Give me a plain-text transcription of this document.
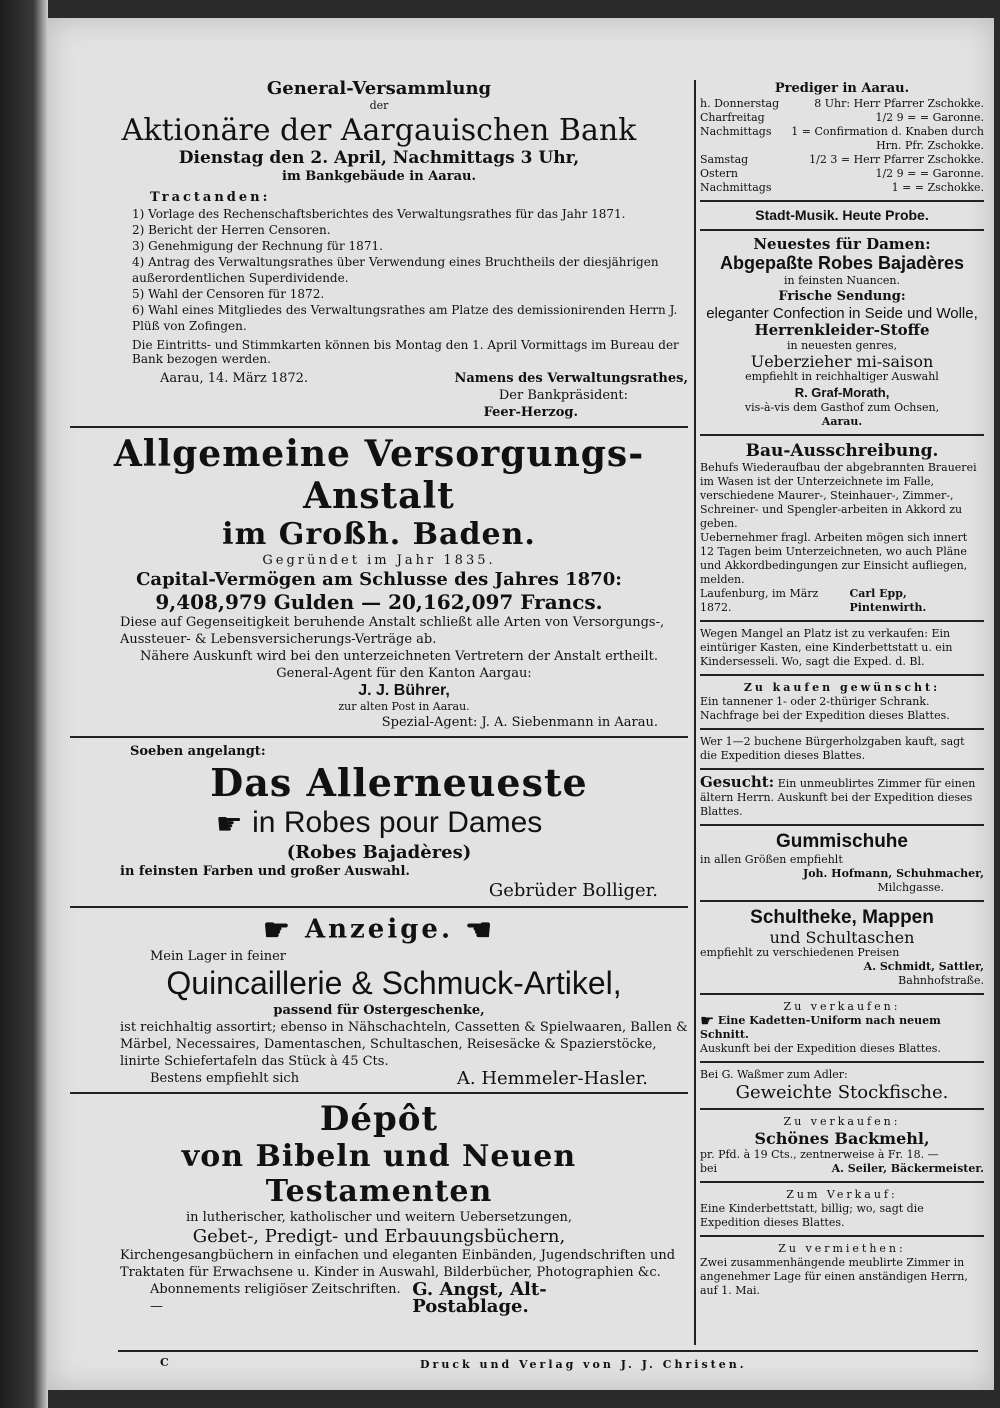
General-Versammlung
der
Aktionäre der Aargauischen Bank
Dienstag den 2. April, Nachmittags 3 Uhr,
im Bankgebäude in Aarau.
Tractanden:
1) Vorlage des Rechenschaftsberichtes des Verwaltungsrathes für das Jahr 1871.
2) Bericht der Herren Censoren.
3) Genehmigung der Rechnung für 1871.
4) Antrag des Verwaltungsrathes über Verwendung eines Bruchtheils der diesjährigen außerordentlichen Superdividende.
5) Wahl der Censoren für 1872.
6) Wahl eines Mitgliedes des Verwaltungsrathes am Platze des demissionirenden Herrn J. Plüß von Zofingen.
Die Eintritts- und Stimmkarten können bis Montag den 1. April Vormittags im Bureau der Bank bezogen werden.
Aarau, 14. März 1872.	Namens des Verwaltungsrathes,
Der Bankpräsident:
Feer-Herzog.
Allgemeine Versorgungs-Anstalt
im Großh. Baden.
Gegründet im Jahr 1835.
Capital-Vermögen am Schlusse des Jahres 1870:
9,408,979 Gulden — 20,162,097 Francs.
Diese auf Gegenseitigkeit beruhende Anstalt schließt alle Arten von Versorgungs-, Aussteuer- & Lebensversicherungs-Verträge ab.
Nähere Auskunft wird bei den unterzeichneten Vertretern der Anstalt ertheilt.
General-Agent für den Kanton Aargau:
J. J. Bührer,
zur alten Post in Aarau.
Spezial-Agent: J. A. Siebenmann in Aarau.
Soeben angelangt:
Das Allerneueste
☛ in Robes pour Dames
(Robes Bajadères)
in feinsten Farben und großer Auswahl.
Gebrüder Bolliger.
☛ Anzeige. ☚
Mein Lager in feiner
Quincaillerie & Schmuck-Artikel,
passend für Ostergeschenke,
ist reichhaltig assortirt; ebenso in Nähschachteln, Cassetten & Spielwaaren, Ballen & Märbel, Necessaires, Damentaschen, Schultaschen, Reisesäcke & Spazierstöcke, linirte Schiefertafeln das Stück à 45 Cts.
Bestens empfiehlt sich	A. Hemmeler-Hasler.
Dépôt
von Bibeln und Neuen Testamenten
in lutherischer, katholischer und weitern Uebersetzungen,
Gebet-, Predigt- und Erbauungsbüchern,
Kirchengesangbüchern in einfachen und eleganten Einbänden, Jugendschriften und Traktaten für Erwachsene u. Kinder in Auswahl, Bilderbücher, Photographien &c.
Abonnements religiöser Zeitschriften. —
G. Angst, Alt-Postablage.
Prediger in Aarau.
h. Donnerstag	8 Uhr: Herr Pfarrer Zschokke.
Charfreitag	1/2 9 = = Garonne.
Nachmittags 1 = Confirmation d. Knaben durch
Hrn. Pfr. Zschokke.
Samstag	1/2 3 = Herr Pfarrer Zschokke.
Ostern	1/2 9 = = Garonne.
Nachmittags	1 = = Zschokke.
Stadt-Musik. Heute Probe.
Neuestes für Damen:
Abgepaßte Robes Bajadères
in feinsten Nuancen.
Frische Sendung:
eleganter Confection in Seide und Wolle,
Herrenkleider-Stoffe
in neuesten genres,
Ueberzieher mi-saison
empfiehlt in reichhaltiger Auswahl
R. Graf-Morath,
vis-à-vis dem Gasthof zum Ochsen,
Aarau.
Bau-Ausschreibung.
Behufs Wiederaufbau der abgebrannten Brauerei im Wasen ist der Unterzeichnete im Falle, verschiedene Maurer-, Steinhauer-, Zimmer-, Schreiner- und Spengler-arbeiten in Akkord zu geben.
Uebernehmer fragl. Arbeiten mögen sich innert 12 Tagen beim Unterzeichneten, wo auch Pläne und Akkordbedingungen zur Einsicht aufliegen, melden.
Laufenburg, im März 1872.
Carl Epp, Pintenwirth.
Wegen Mangel an Platz ist zu verkaufen: Ein eintüriger Kasten, eine Kinderbettstatt u. ein Kindersesseli. Wo, sagt die Exped. d. Bl.
Zu kaufen gewünscht:
Ein tannener 1- oder 2-thüriger Schrank. Nachfrage bei der Expedition dieses Blattes.
Wer 1—2 buchene Bürgerholzgaben kauft, sagt die Expedition dieses Blattes.
Gesucht: Ein unmeublirtes Zimmer für einen ältern Herrn. Auskunft bei der Expedition dieses Blattes.
Gummischuhe
in allen Größen empfiehlt
Joh. Hofmann, Schuhmacher,
Milchgasse.
Schultheke, Mappen
und Schultaschen
empfiehlt zu verschiedenen Preisen
A. Schmidt, Sattler,
Bahnhofstraße.
Zu verkaufen:
☛ Eine Kadetten-Uniform nach neuem Schnitt.
Auskunft bei der Expedition dieses Blattes.
Bei G. Waßmer zum Adler:
Geweichte Stockfische.
Zu verkaufen:
Schönes Backmehl,
pr. Pfd. à 19 Cts., zentnerweise à Fr. 18. —
bei	A. Seiler, Bäckermeister.
Zum Verkauf:
Eine Kinderbettstatt, billig; wo, sagt die Expedition dieses Blattes.
Zu vermiethen:
Zwei zusammenhängende meublirte Zimmer in angenehmer Lage für einen anständigen Herrn, auf 1. Mai.
C	Druck und Verlag von J. J. Christen.
